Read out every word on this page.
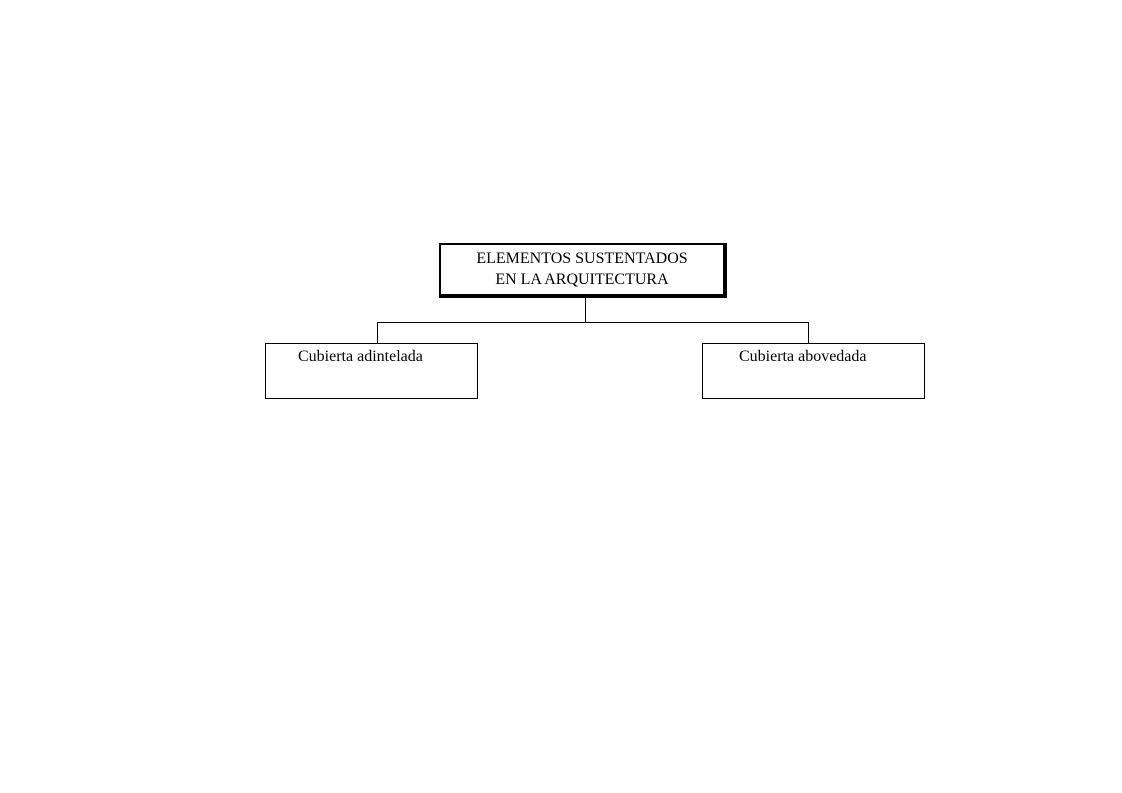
ELEMENTOS SUSTENTADOS
EN LA ARQUITECTURA
Cubierta adintelada	Cubierta abovedada
